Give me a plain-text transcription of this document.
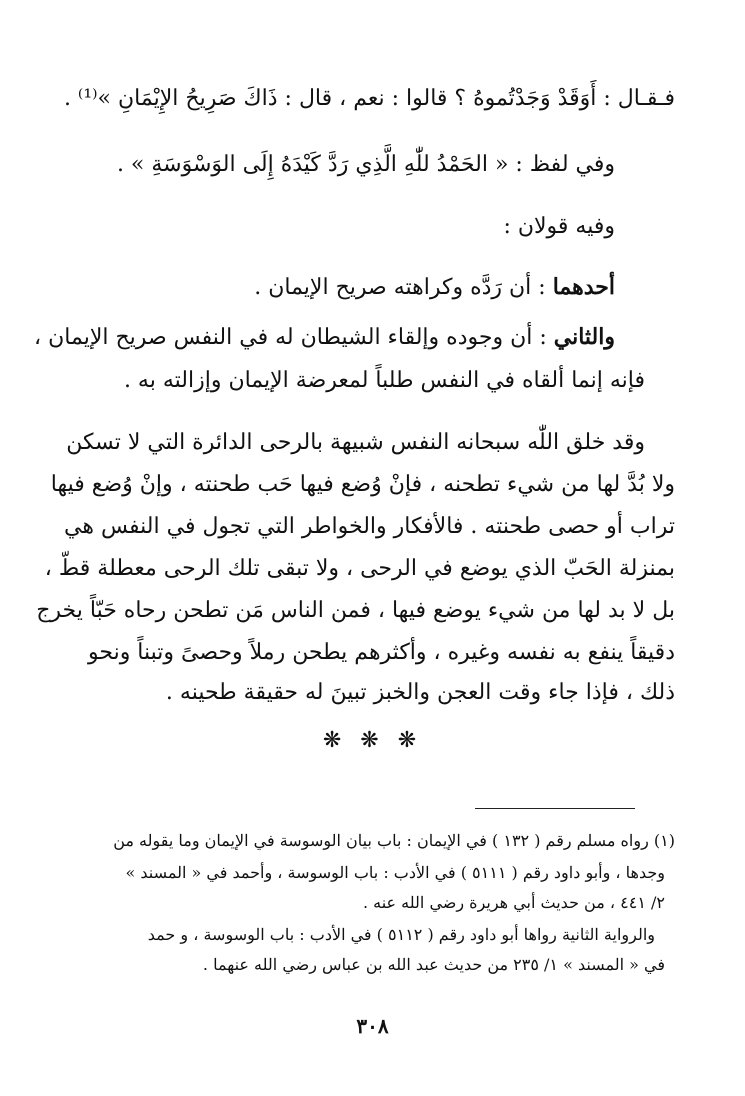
فـقـال : أَوَقَدْ وَجَدْتُموهُ ؟ قالوا : نعم ، قال : ذَاكَ صَرِيحُ الإِيْمَانِ »⁽¹⁾ .
وفي لفظ : « الحَمْدُ للّٰهِ الَّذِي رَدَّ كَيْدَهُ إِلَى الوَسْوَسَةِ » .
وفيه قولان :
أحدهما : أن رَدَّه وكراهته صريح الإيمان .
والثاني : أن وجوده وإلقاء الشيطان له في النفس صريح الإيمان ،
فإنه إنما ألقاه في النفس طلباً لمعرضة الإيمان وإزالته به .
وقد خلق اللّٰه سبحانه النفس شبيهة بالرحى الدائرة التي لا تسكن
ولا بُدَّ لها من شيء تطحنه ، فإنْ وُضع فيها حَب طحنته ، وإنْ وُضع فيها
تراب أو حصى طحنته . فالأفكار والخواطر التي تجول في النفس هي
بمنزلة الحَبّ الذي يوضع في الرحى ، ولا تبقى تلك الرحى معطلة قطّ ،
بل لا بد لها من شيء يوضع فيها ، فمن الناس مَن تطحن رحاه حَبّاً يخرج
دقيقاً ينفع به نفسه وغيره ، وأكثرهم يطحن رملاً وحصىً وتبناً ونحو
ذلك ، فإذا جاء وقت العجن والخبز تبينَ له حقيقة طحينه .
❋ ❋ ❋
(١) رواه مسلم رقم ( ١٣٢ ) في الإيمان : باب بيان الوسوسة في الإيمان وما يقوله من
وجدها ، وأبو داود رقم ( ٥١١١ ) في الأدب : باب الوسوسة ، وأحمد في « المسند »
٢/ ٤٤١ ، من حديث أبي هريرة رضي الله عنه .
والرواية الثانية رواها أبو داود رقم ( ٥١١٢ ) في الأدب : باب الوسوسة ، و حمد
في « المسند » ١/ ٢٣٥ من حديث عبد الله بن عباس رضي الله عنهما .
٣٠٨
